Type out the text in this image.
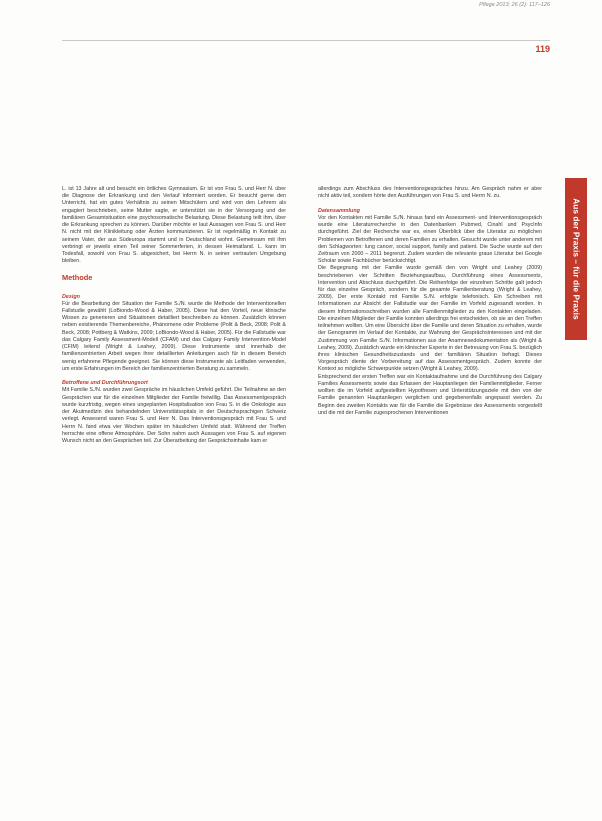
Pflege 2013; 26 (2): 117–126
119
Aus der Praxis – für die Praxis

L. ist 13 Jahre alt und besucht ein örtliches Gymnasium. Er ist von Frau S. und Herr N. über die Diagnose der Erkrankung und den Verlauf informiert worden. Er besucht gerne den Unterricht, hat ein gutes Verhältnis zu seinen Mitschülern und wird von den Lehrern als engagiert beschrieben, seine Mutter sagte, er unterstützt sie in der Versorgung und der familiären Gesamtsituation eine psychosomatische Belastung. Diese Belastung teilt ihm, über die Erkrankung sprechen zu können. Darüber möchte er laut Aussagen von Frau S. und Herr N. nicht mit der Klinikleitung oder Ärzten kommunizieren. Er ist regelmäßig in Kontakt zu seinem Vater, der aus Südeuropa stammt und in Deutschland wohnt. Gemeinsam mit ihm verbringt er jeweils einen Teil seiner Sommerferien, in dessen Heimatland. L. kann im Todesfall, sowohl von Frau S. abgesichert, bei Herrn N. in seiner vertrauten Umgebung bleiben.

Methode
Design

Für die Bearbeitung der Situation der Familie S./N. wurde die Methode der Interventionellen Fallstudie gewählt (LoBiondo-Wood & Haber, 2005). Diese hat den Vorteil, neue klinische Wissen zu generieren und Situationen detailliert beschreiben zu können. Zusätzlich können neben existierende Themenbereiche, Phänomene oder Probleme (Polit & Beck, 2008; Polit & Beck, 2008; Pottberg & Watkins, 2009; LoBiondo-Wood & Haber, 2005). Für die Fallstudie war das Calgary Family Assessment-Modell (CFAM) und das Calgary Family Intervention-Model (CFIM) leitend (Wright & Leahey, 2009). Diese Instrumente sind innerhalb der familienzentrierten Arbeit wegen ihrer detaillierten Anleitungen auch für in diesem Bereich wenig erfahrene Pflegende geeignet. Sie können diese Instrumente als Leitfaden verwenden, um erste Erfahrungen im Bereich der familienzentrierten Beratung zu sammeln.

Betroffene und Durchführungsort

Mit Familie S./N. wurden zwei Gespräche im häuslichen Umfeld geführt. Die Teilnahme an den Gesprächen war für die einzelnen Mitglieder der Familie freiwillig. Das Assessmentgespräch wurde kurzfristig, wegen eines ungeplanten Hospitalisation von Frau S. in die Onkologie aus der Akutmedizin des behandelnden Universitätsspitals in der Deutschsprachigen Schweiz verlegt. Anwesend waren Frau S. und Herr N. Das Interventionsgespräch mit Frau S. und Herrn N. fand etwa vier Wochen später im häuslichen Umfeld statt. Während der Treffen herrschte eine offene Atmosphäre. Der Sohn nahm auch Aussagen von Frau S. auf eigenen Wunsch nicht an den Gesprächen teil. Zur Überarbeitung der Gesprächsinhalte kam er

allerdings zum Abschluss des Interventionsgespräches hinzu. Am Gespräch nahm er aber nicht aktiv teil, sondern hörte den Ausführungen von Frau S. und Herrn N. zu.

Datensammlung

Vor den Kontakten mit Familie S./N. hinaus fand ein Assessment- und Interventionsgespräch wurde eine Literaturrecherche in den Datenbanken Pubmed, Cinahl und PsycInfo durchgeführt. Ziel der Recherche war es, einen Überblick über die Literatur zu möglichen Problemen von Betroffenen und deren Familien zu erhalten. Gesucht wurde unter anderem mit den Schlagworten: lung cancer, social support, family and patient. Die Suche wurde auf den Zeitraum von 2000 – 2011 begrenzt. Zudem wurden die relevante graue Literatur bei Google Scholar sowie Fachbücher berücksichtigt.

Die Begegnung mit der Familie wurde gemäß den von Wright und Leahey (2009) beschriebenen vier Schritten Beziehungsaufbau, Durchführung eines Assessments, Intervention und Abschluss durchgeführt. Die Reihenfolge der einzelnen Schritte galt jedoch für das einzelne Gespräch, sondern für die gesamte Familienberatung (Wright & Leahey, 2009). Der erste Kontakt mit Familie S./N. erfolgte telefonisch. Ein Schreiben mit Informationen zur Absicht der Fallstudie war der Familie im Vorfeld zugesandt worden. In diesem Informationsschreiben wurden alle Familienmitglieder zu den Kontakten eingeladen. Die einzelnen Mitglieder der Familie konnten allerdings frei entscheiden, ob sie an den Treffen teilnehmen wollten. Um eine Übersicht über die Familie und deren Situation zu erhalten, wurde der Genogramm im Verlauf der Kontakte, zur Wahrung der Gesprächsinteressen und mit der Zustimmung von Familie S./N. Informationen aus der Anamnesedokumentation als (Wright & Leahey, 2009). Zusätzlich wurde ein klinischer Experte in der Betreuung von Frau S. bezüglich ihres klinischen Gesundheitszustands und der familiären Situation befragt. Dieses Vorgespräch diente der Vorbereitung auf das Assessmentgespräch. Zudem konnte der Kontext so mögliche Schwerpunkte setzen (Wright & Leahey, 2009).

Entsprechend der ersten Treffen war ein Kontaktaufnahme und die Durchführung des Calgary Families Assessments sowie das Erfassen der Hauptanliegen der Familienmitglieder. Ferner wollten die im Vorfeld aufgestellten Hypothesen und Unterstützungsziele mit den von der Familie genannten Hauptanliegen verglichen und gegebenenfalls angepasst werden. Zu Beginn des zweiten Kontakts war für die Familie die Ergebnisse des Assessments vorgestellt und die mit der Familie zugesprochenen Interventionen
